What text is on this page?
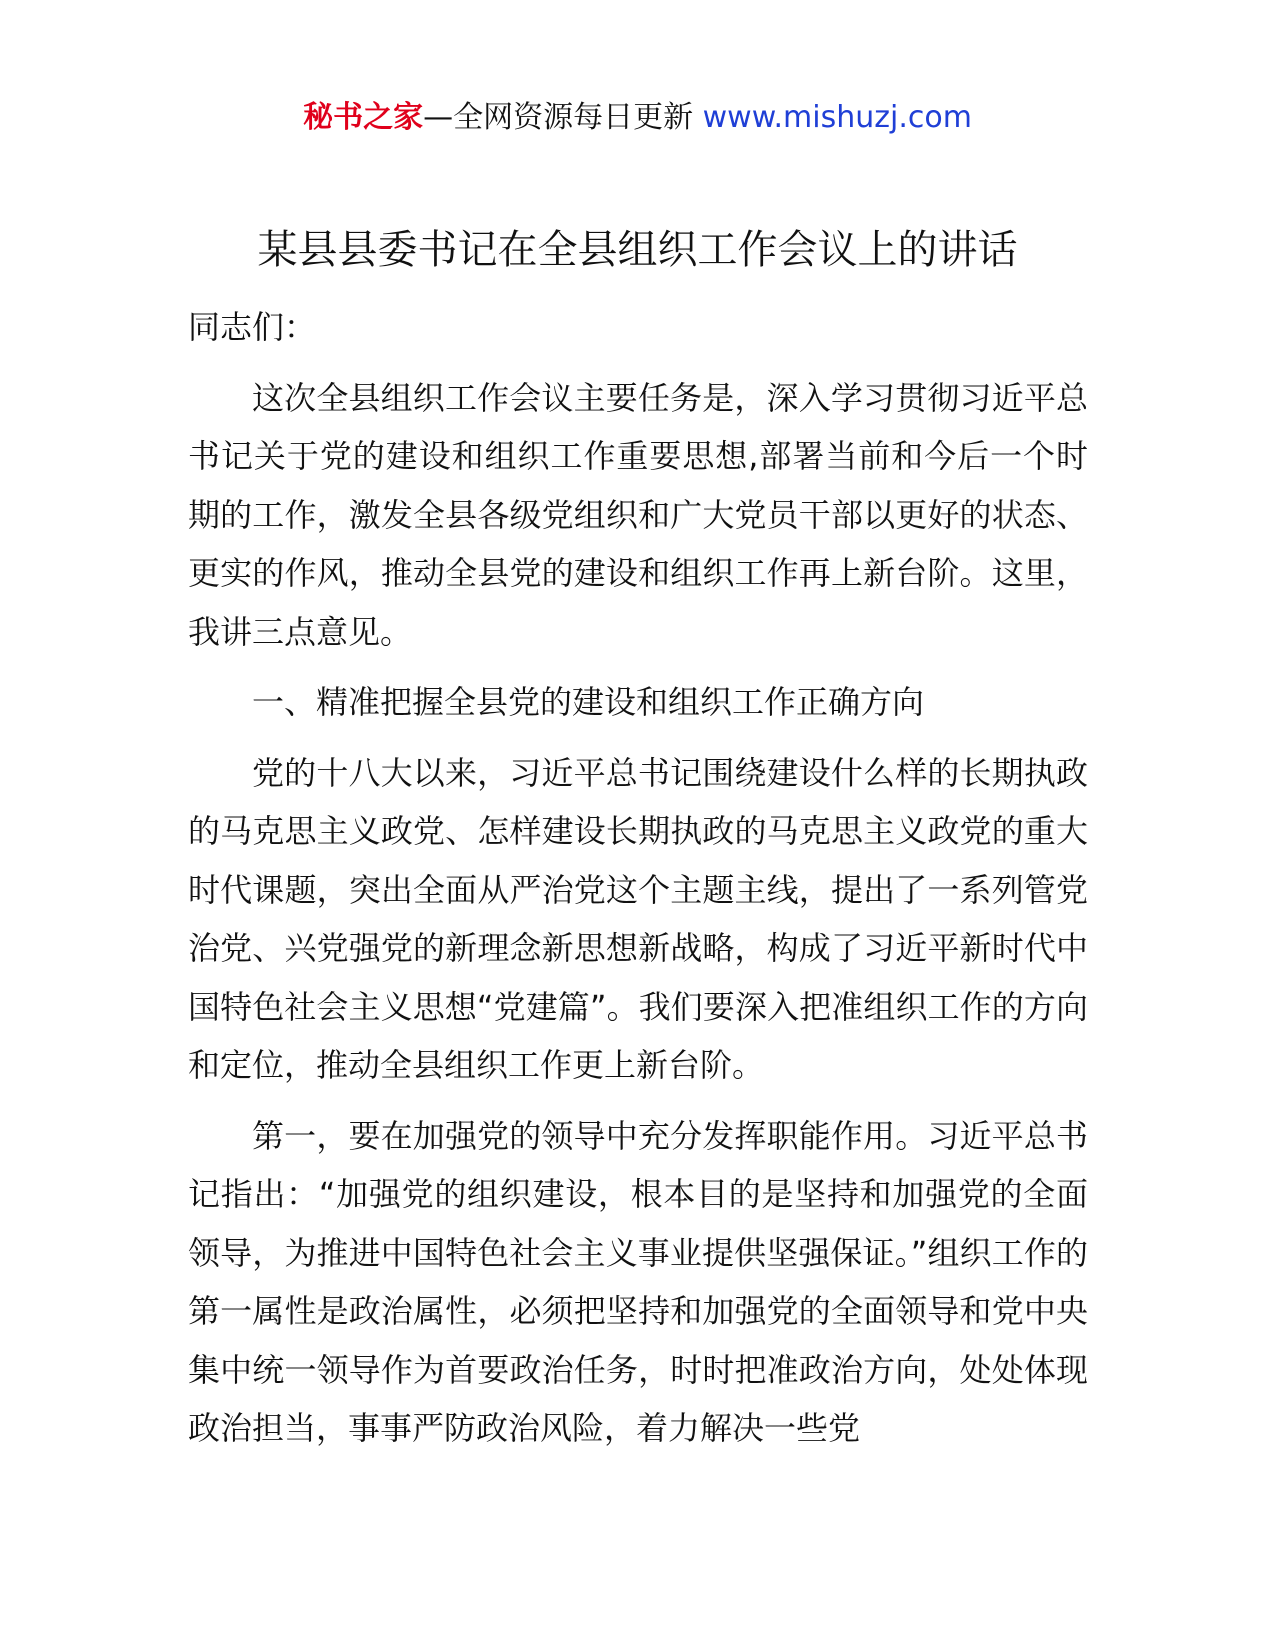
秘书之家—全网资源每日更新 www.mishuzj.com
某县县委书记在全县组织工作会议上的讲话

同志们：

这次全县组织工作会议主要任务是，深入学习贯彻习近平总书记关于党的建设和组织工作重要思想,部署当前和今后一个时期的工作，激发全县各级党组织和广大党员干部以更好的状态、更实的作风，推动全县党的建设和组织工作再上新台阶。这里，我讲三点意见。

一、精准把握全县党的建设和组织工作正确方向

党的十八大以来，习近平总书记围绕建设什么样的长期执政的马克思主义政党、怎样建设长期执政的马克思主义政党的重大时代课题，突出全面从严治党这个主题主线，提出了一系列管党治党、兴党强党的新理念新思想新战略，构成了习近平新时代中国特色社会主义思想“党建篇”。我们要深入把准组织工作的方向和定位，推动全县组织工作更上新台阶。

第一，要在加强党的领导中充分发挥职能作用。习近平总书记指出：“加强党的组织建设，根本目的是坚持和加强党的全面领导，为推进中国特色社会主义事业提供坚强保证。”组织工作的第一属性是政治属性，必须把坚持和加强党的全面领导和党中央集中统一领导作为首要政治任务，时时把准政治方向，处处体现政治担当，事事严防政治风险，着力解决一些党
